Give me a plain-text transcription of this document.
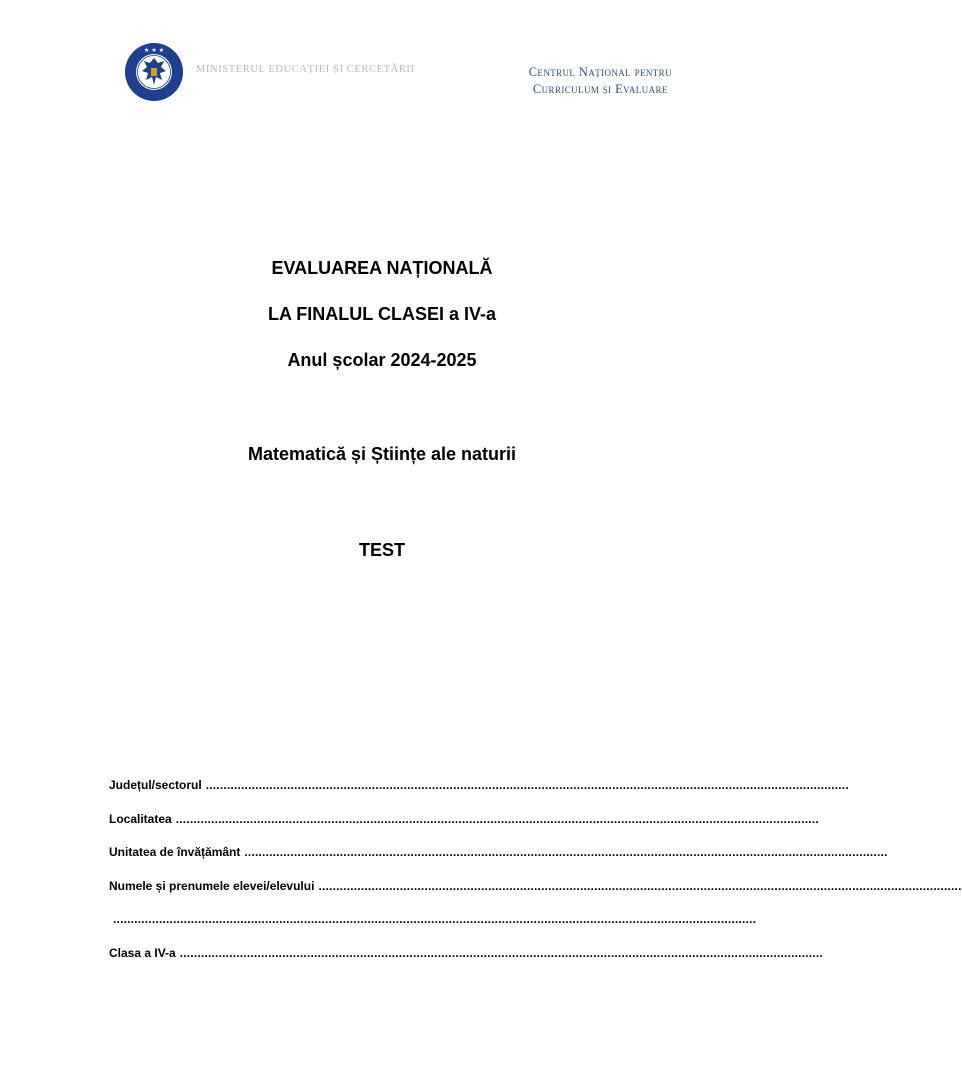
★ ★ ★
MINISTERUL EDUCAȚIEI ȘI CERCETĂRII	Centrul Național pentru
Curriculum și Evaluare
EVALUAREA NAȚIONALĂ
LA FINALUL CLASEI a IV-a
Anul școlar 2024-2025
Matematică și Științe ale naturii
TEST
Județul/sectorul ......................................................................................................................................................................................
Localitatea ......................................................................................................................................................................................
Unitatea de învățământ ......................................................................................................................................................................................
Numele și prenumele elevei/elevului ......................................................................................................................................................................................
......................................................................................................................................................................................
Clasa a IV-a ......................................................................................................................................................................................
